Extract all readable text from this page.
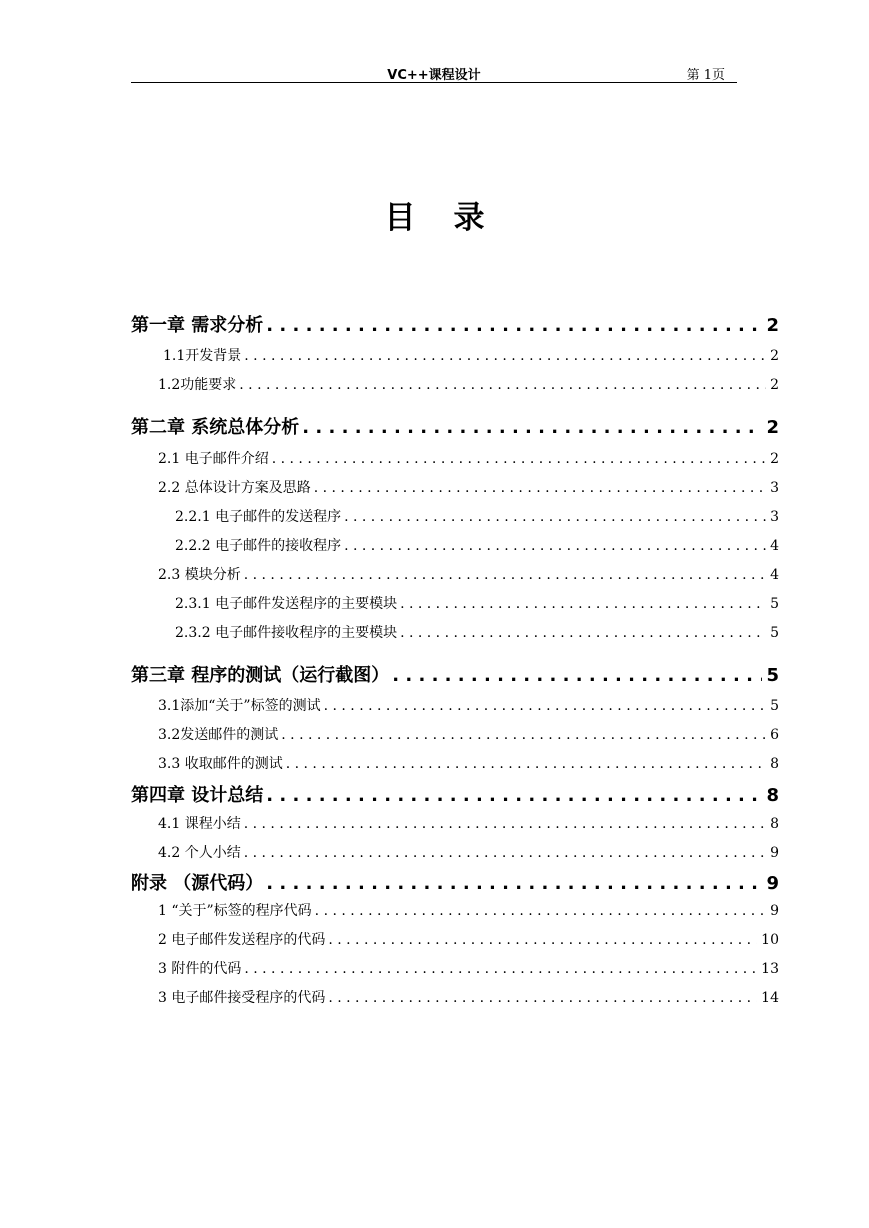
VC++课程设计	第 1页
目录
第一章 需求分析 . . .	2
1.1开发背景 . . .	2
1.2功能要求 . . .	2
第二章 系统总体分析 . . .	2
2.1 电子邮件介绍 . . .	2
2.2 总体设计方案及思路 . . .	3
2.2.1 电子邮件的发送程序 . . .	3
2.2.2 电子邮件的接收程序 . . .	4
2.3 模块分析 . . .	4
2.3.1 电子邮件发送程序的主要模块 . . .	5
2.3.2 电子邮件接收程序的主要模块 . . .	5
第三章 程序的测试（运行截图） . . .	5
3.1添加“关于”标签的测试 . . .	5
3.2发送邮件的测试 . . .	6
3.3 收取邮件的测试 . . .	8
第四章 设计总结 . . .	8
4.1 课程小结 . . .	8
4.2 个人小结 . . .	9
附录 （源代码） . . .	9
1 “关于”标签的程序代码 . . .	9
2 电子邮件发送程序的代码 . . .	10
3 附件的代码 . . .	13
3 电子邮件接受程序的代码 . . .	14
